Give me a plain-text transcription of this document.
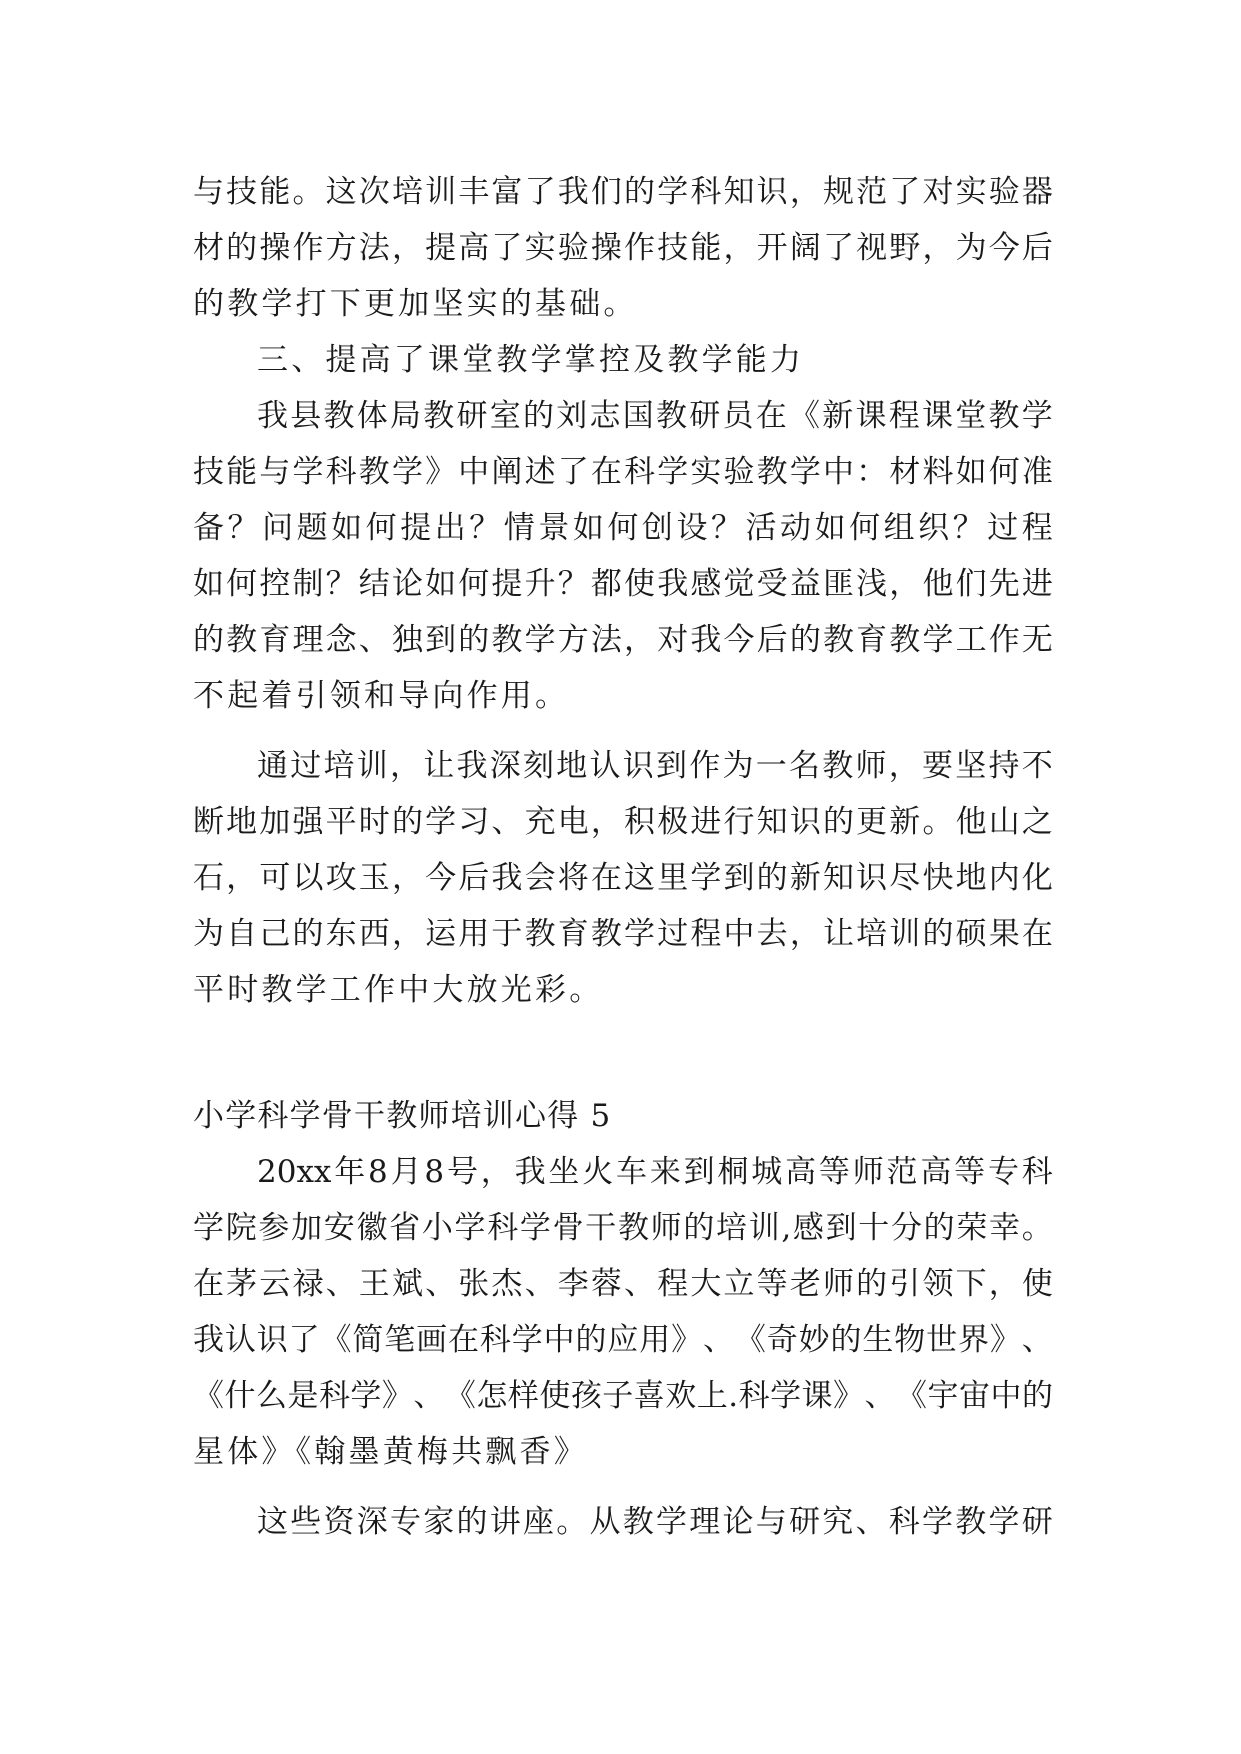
与 技 能 。 这 次 培 训 丰 富 了 我 们 的 学 科 知 识 ， 规 范 了 对 实 验 器
材 的 操 作 方 法 ， 提 高 了 实 验 操 作 技 能 ， 开 阔 了 视 野 ， 为 今 后
的教学打下更加坚实的基础。
三、提高了课堂教学掌控及教学能力
我 县 教 体 局 教 研 室 的 刘 志 国 教 研 员 在 《 新 课 程 课 堂 教 学
技 能 与 学 科 教 学 》 中 阐 述 了 在 科 学 实 验 教 学 中 ： 材 料 如 何 准
备 ？ 问 题 如 何 提 出 ？ 情 景 如 何 创 设 ？ 活 动 如 何 组 织 ？ 过 程
如 何 控 制 ？ 结 论 如 何 提 升 ？ 都 使 我 感 觉 受 益 匪 浅 ， 他 们 先 进
的 教 育 理 念 、 独 到 的 教 学 方 法 ， 对 我 今 后 的 教 育 教 学 工 作 无
不起着引领和导向作用。
通 过 培 训 ， 让 我 深 刻 地 认 识 到 作 为 一 名 教 师 ， 要 坚 持 不
断 地 加 强 平 时 的 学 习 、 充 电 ， 积 极 进 行 知 识 的 更 新 。 他 山 之
石 ， 可 以 攻 玉 ， 今 后 我 会 将 在 这 里 学 到 的 新 知 识 尽 快 地 内 化
为 自 己 的 东 西 ， 运 用 于 教 育 教 学 过 程 中 去 ， 让 培 训 的 硕 果 在
平时教学工作中大放光彩。
小学科学骨干教师培训心得 5
20xx 年 8 月 8 号 ， 我 坐 火 车 来 到 桐 城 高 等 师 范 高 等 专 科
学 院 参 加 安 徽 省 小 学 科 学 骨 干 教 师 的 培 训 , 感 到 十 分 的 荣 幸 。
在 茅 云 禄 、 王 斌 、 张 杰 、 李 蓉 、 程 大 立 等 老 师 的 引 领 下 ， 使
我 认 识 了 《 简 笔 画 在 科 学 中 的 应 用 》 、 《 奇 妙 的 生 物 世 界 》 、
《 什 么 是 科 学 》 、 《 怎 样 使 孩 子 喜 欢 上 . 科 学 课 》 、 《 宇 宙 中 的
星体》《翰墨黄梅共飘香》
这 些 资 深 专 家 的 讲 座 。 从 教 学 理 论 与 研 究 、 科 学 教 学 研
